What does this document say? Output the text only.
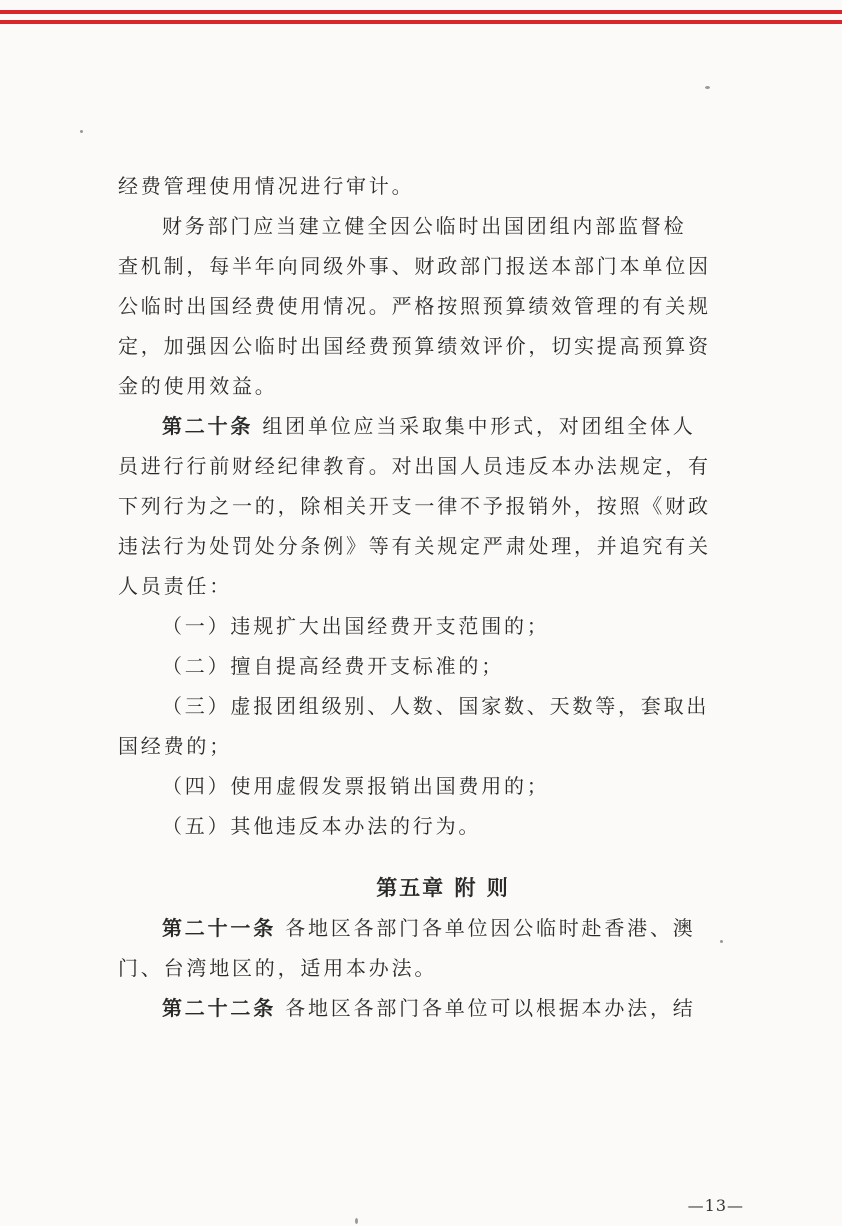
经费管理使用情况进行审计。
财务部门应当建立健全因公临时出国团组内部监督检
查机制，每半年向同级外事、财政部门报送本部门本单位因
公临时出国经费使用情况。严格按照预算绩效管理的有关规
定，加强因公临时出国经费预算绩效评价，切实提高预算资
金的使用效益。
第二十条 组团单位应当采取集中形式，对团组全体人
员进行行前财经纪律教育。对出国人员违反本办法规定，有
下列行为之一的，除相关开支一律不予报销外，按照《财政
违法行为处罚处分条例》等有关规定严肃处理，并追究有关
人员责任：
（一）违规扩大出国经费开支范围的；
（二）擅自提高经费开支标准的；
（三）虚报团组级别、人数、国家数、天数等，套取出
国经费的；
（四）使用虚假发票报销出国费用的；
（五）其他违反本办法的行为。
第五章 附 则
第二十一条 各地区各部门各单位因公临时赴香港、澳
门、台湾地区的，适用本办法。
第二十二条 各地区各部门各单位可以根据本办法，结
—13—
